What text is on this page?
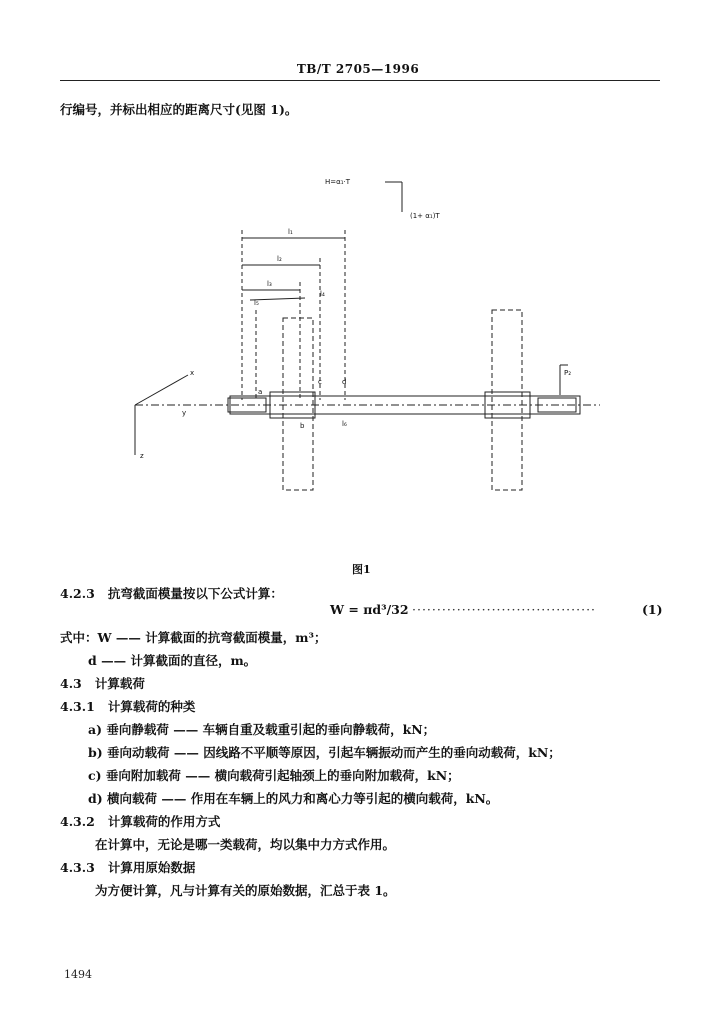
TB/T 2705—1996
行编号，并标出相应的距离尺寸(见图 1)。
H=α₁·T
(1+ α₁)T
l₁
l₂
l₃
l₄
l₅
l₆
x
y
z
a
b
c	d
P₂
图1
4.2.3 抗弯截面模量按以下公式计算：
W = πd³/32 ·····································	(1)
式中：W —— 计算截面的抗弯截面模量，m³；
d —— 计算截面的直径，m。
4.3 计算载荷
4.3.1 计算载荷的种类
a) 垂向静载荷 —— 车辆自重及载重引起的垂向静载荷，kN；
b) 垂向动载荷 —— 因线路不平顺等原因，引起车辆振动而产生的垂向动载荷，kN；
c) 垂向附加载荷 —— 横向载荷引起轴颈上的垂向附加载荷，kN；
d) 横向载荷 —— 作用在车辆上的风力和离心力等引起的横向载荷，kN。
4.3.2 计算载荷的作用方式
在计算中，无论是哪一类载荷，均以集中力方式作用。
4.3.3 计算用原始数据
为方便计算，凡与计算有关的原始数据，汇总于表 1。
1494
